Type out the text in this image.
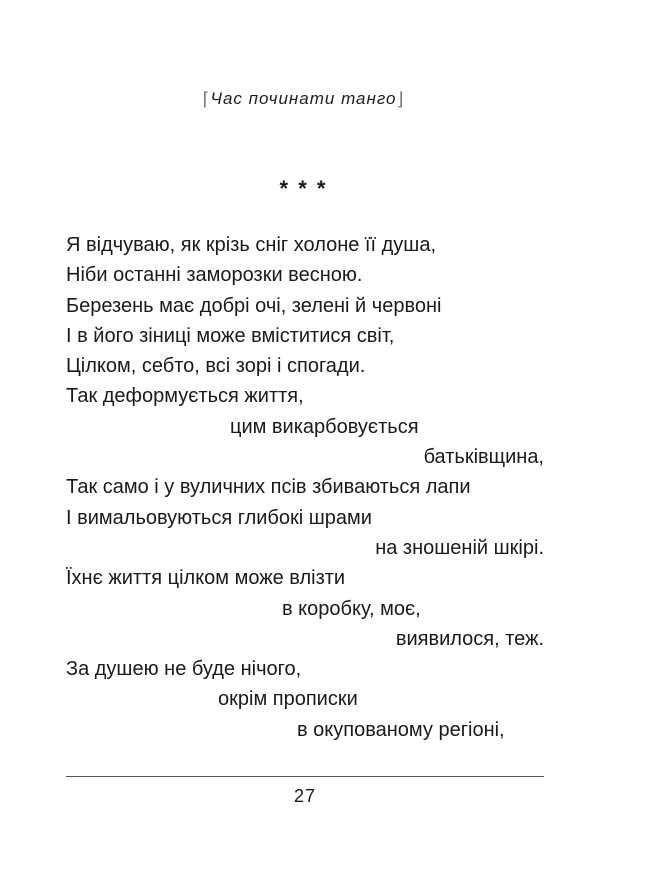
⌈Час починати танго⌋
* * *
Я відчуваю, як крізь сніг холоне її душа,
Ніби останні заморозки весною.
Березень має добрі очі, зелені й червоні
І в його зіниці може вміститися світ,
Цілком, себто, всі зорі і спогади.
Так деформується життя,
цим викарбовується
батьківщина,
Так само і у вуличних псів збиваються лапи
І вимальовуються глибокі шрами
на зношеній шкірі.
Їхнє життя цілком може влізти
в коробку, моє,
виявилося, теж.
За душею не буде нічого,
окрім прописки
в окупованому регіоні,
27
